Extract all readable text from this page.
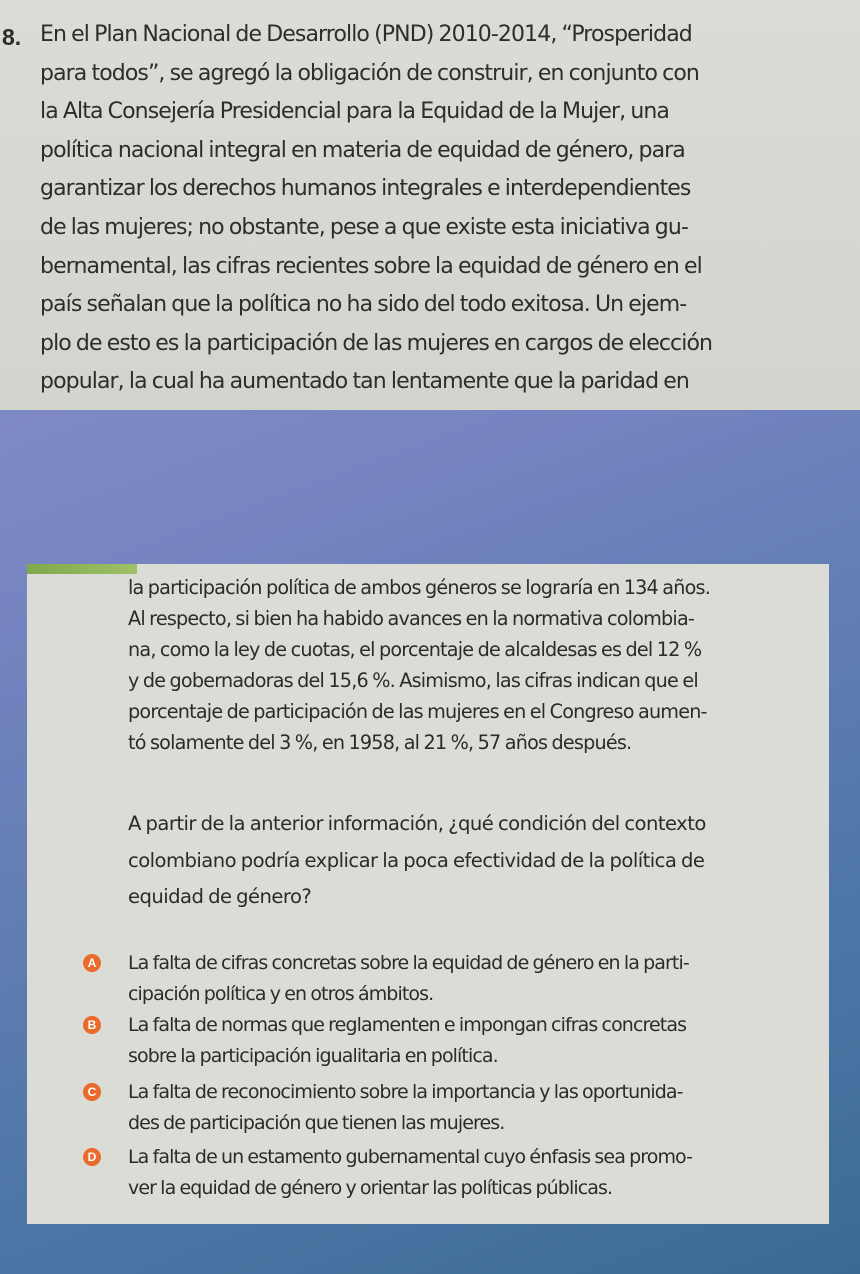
8. En el Plan Nacional de Desarrollo (PND) 2010-2014, “Prosperidad
para todos”, se agregó la obligación de construir, en conjunto con
la Alta Consejería Presidencial para la Equidad de la Mujer, una
política nacional integral en materia de equidad de género, para
garantizar los derechos humanos integrales e interdependientes
de las mujeres; no obstante, pese a que existe esta iniciativa gu-
bernamental, las cifras recientes sobre la equidad de género en el
país señalan que la política no ha sido del todo exitosa. Un ejem-
plo de esto es la participación de las mujeres en cargos de elección
popular, la cual ha aumentado tan lentamente que la paridad en
la participación política de ambos géneros se lograría en 134 años.
Al respecto, si bien ha habido avances en la normativa colombia-
na, como la ley de cuotas, el porcentaje de alcaldesas es del 12 %
y de gobernadoras del 15,6 %. Asimismo, las cifras indican que el
porcentaje de participación de las mujeres en el Congreso aumen-
tó solamente del 3 %, en 1958, al 21 %, 57 años después.
A partir de la anterior información, ¿qué condición del contexto
colombiano podría explicar la poca efectividad de la política de
equidad de género?
A La falta de cifras concretas sobre la equidad de género en la parti-
cipación política y en otros ámbitos.
B La falta de normas que reglamenten e impongan cifras concretas
sobre la participación igualitaria en política.
C La falta de reconocimiento sobre la importancia y las oportunida-
des de participación que tienen las mujeres.
D La falta de un estamento gubernamental cuyo énfasis sea promo-
ver la equidad de género y orientar las políticas públicas.
